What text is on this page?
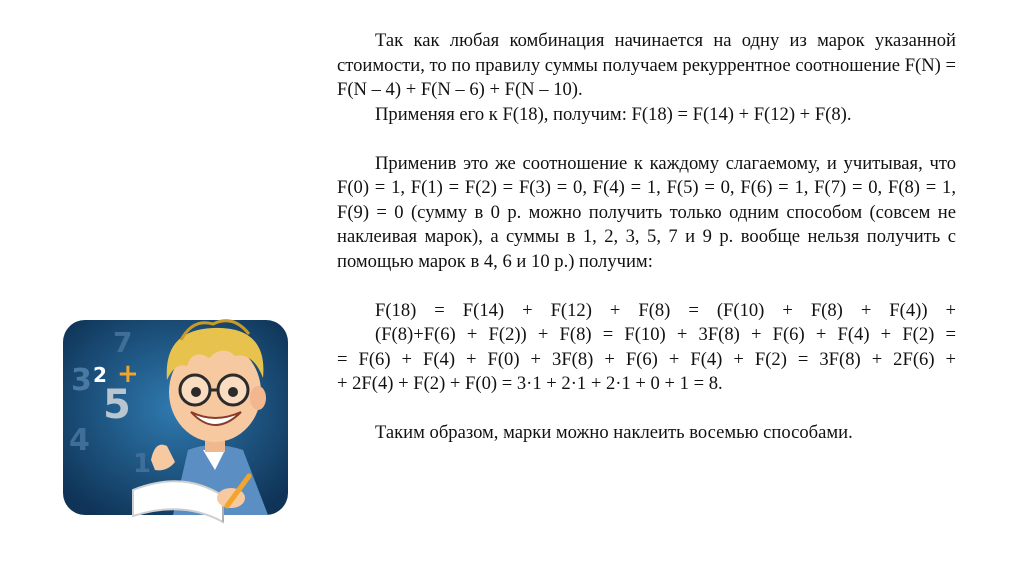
Так как любая комбинация начинается на одну из марок указанной стоимости, то по правилу суммы получаем рекуррентное соотношение F(N) = F(N – 4) + F(N – 6) + F(N – 10).

Применяя его к F(18), получим: F(18) = F(14) + F(12) + F(8).

Применив это же соотношение к каждому слагаемому, и учитывая, что F(0) = 1, F(1) = F(2) = F(3) = 0, F(4) = 1, F(5) = 0, F(6) = 1, F(7) = 0, F(8) = 1, F(9) = 0 (сумму в 0 р. можно получить только одним способом (совсем не наклеивая марок), а суммы в 1, 2, 3, 5, 7 и 9 р. вообще нельзя получить с помощью марок в 4, 6 и 10 р.) получим:

F(18) = F(14) + F(12) + F(8) = (F(10) + F(8) + F(4)) +

(F(8)+F(6) + F(2)) + F(8) = F(10) + 3F(8) + F(6) + F(4) + F(2) =

= F(6) + F(4) + F(0) + 3F(8) + F(6) + F(4) + F(2) = 3F(8) + 2F(6) +

+ 2F(4) + F(2) + F(0) = 3·1 + 2·1 + 2·1 + 0 + 1 = 8.

Таким образом, марки можно наклеить восемью способами.

7
3 2 +
5
4
1
